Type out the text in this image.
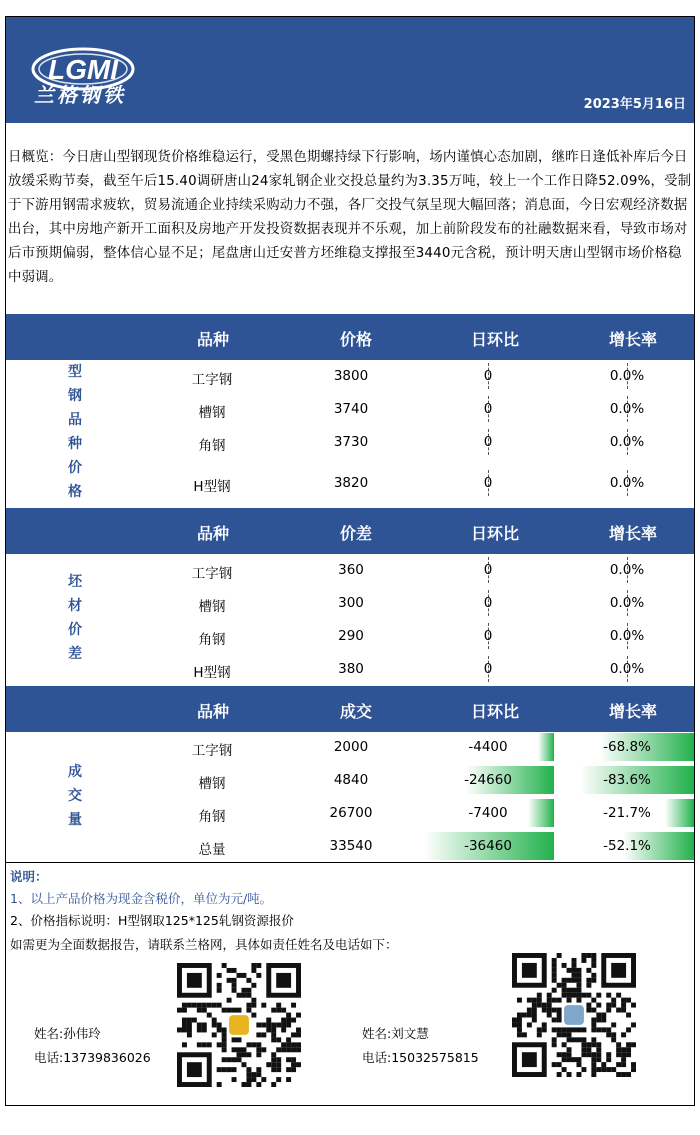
LGMI
兰格钢铁	2023年5月16日
日概览：今日唐山型钢现货价格维稳运行，受黑色期螺持绿下行影响，场内谨慎心态加剧，继昨日逢低补库后今日放缓采购节奏，截至午后15.40调研唐山24家轧钢企业交投总量约为3.35万吨，较上一个工作日降52.09%，受制于下游用钢需求疲软，贸易流通企业持续采购动力不强，各厂交投气氛呈现大幅回落；消息面，今日宏观经济数据出台，其中房地产新开工面积及房地产开发投资数据表现并不乐观，加上前阶段发布的社融数据来看，导致市场对后市预期偏弱，整体信心显不足；尾盘唐山迁安普方坯维稳支撑报至3440元含税，预计明天唐山型钢市场价格稳中弱调。
品种	价格	日环比	增长率
型
钢
品
种
价
格
工字钢	3800	0	0.0%
槽钢	3740	0	0.0%
角钢	3730	0	0.0%
H型钢	3820	0	0.0%
品种	价差	日环比	增长率
坯
材
价
差
工字钢	360	0	0.0%
槽钢	300	0	0.0%
角钢	290	0	0.0%
H型钢	380	0	0.0%
品种	成交	日环比	增长率
成
交
量
工字钢	2000	-4400	-68.8%
槽钢	4840	-24660	-83.6%
角钢	26700	-7400	-21.7%
总量	33540	-36460	-52.1%
说明：
1、以上产品价格为现金含税价，单位为元/吨。
2、价格指标说明：H型钢取125*125轧钢资源报价
如需更为全面数据报告，请联系兰格网，具体如责任姓名及电话如下：
姓名:孙伟玲
电话:13739836026
姓名:刘文慧
电话:15032575815
